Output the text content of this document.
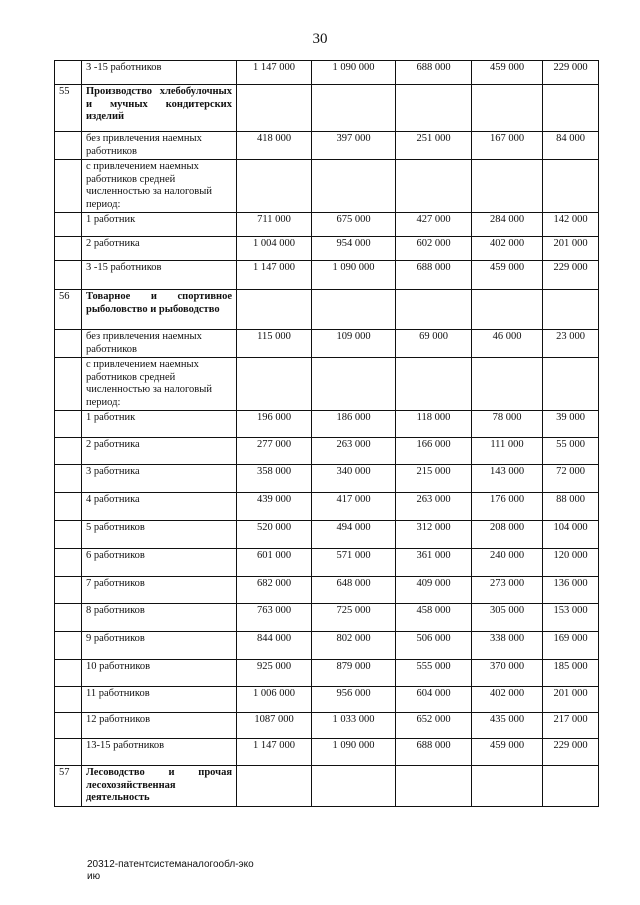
30
	3 -15 работников	1 147 000	1 090 000	688 000	459 000	229 000
55	Производство хлебобулочных и мучных кондитерских изделий					
	без привлечения наемных работников	418 000	397 000	251 000	167 000	84 000
	с привлечением наемных работников средней численностью за налоговый период:					
	1 работник	711 000	675 000	427 000	284 000	142 000
	2 работника	1 004 000	954 000	602 000	402 000	201 000
	3 -15 работников	1 147 000	1 090 000	688 000	459 000	229 000
56	Товарное и спортивное рыболовство и рыбоводство					
	без привлечения наемных работников	115 000	109 000	69 000	46 000	23 000
	с привлечением наемных работников средней численностью за налоговый период:					
	1 работник	196 000	186 000	118 000	78 000	39 000
	2 работника	277 000	263 000	166 000	111 000	55 000
	3 работника	358 000	340 000	215 000	143 000	72 000
	4 работника	439 000	417 000	263 000	176 000	88 000
	5 работников	520 000	494 000	312 000	208 000	104 000
	6 работников	601 000	571 000	361 000	240 000	120 000
	7 работников	682 000	648 000	409 000	273 000	136 000
	8 работников	763 000	725 000	458 000	305 000	153 000
	9 работников	844 000	802 000	506 000	338 000	169 000
	10 работников	925 000	879 000	555 000	370 000	185 000
	11 работников	1 006 000	956 000	604 000	402 000	201 000
	12 работников	1087 000	1 033 000	652 000	435 000	217 000
	13-15 работников	1 147 000	1 090 000	688 000	459 000	229 000
57	Лесоводство и прочая лесохозяйственная деятельность					
20312-патентсистеманалогообл-эко
ию
